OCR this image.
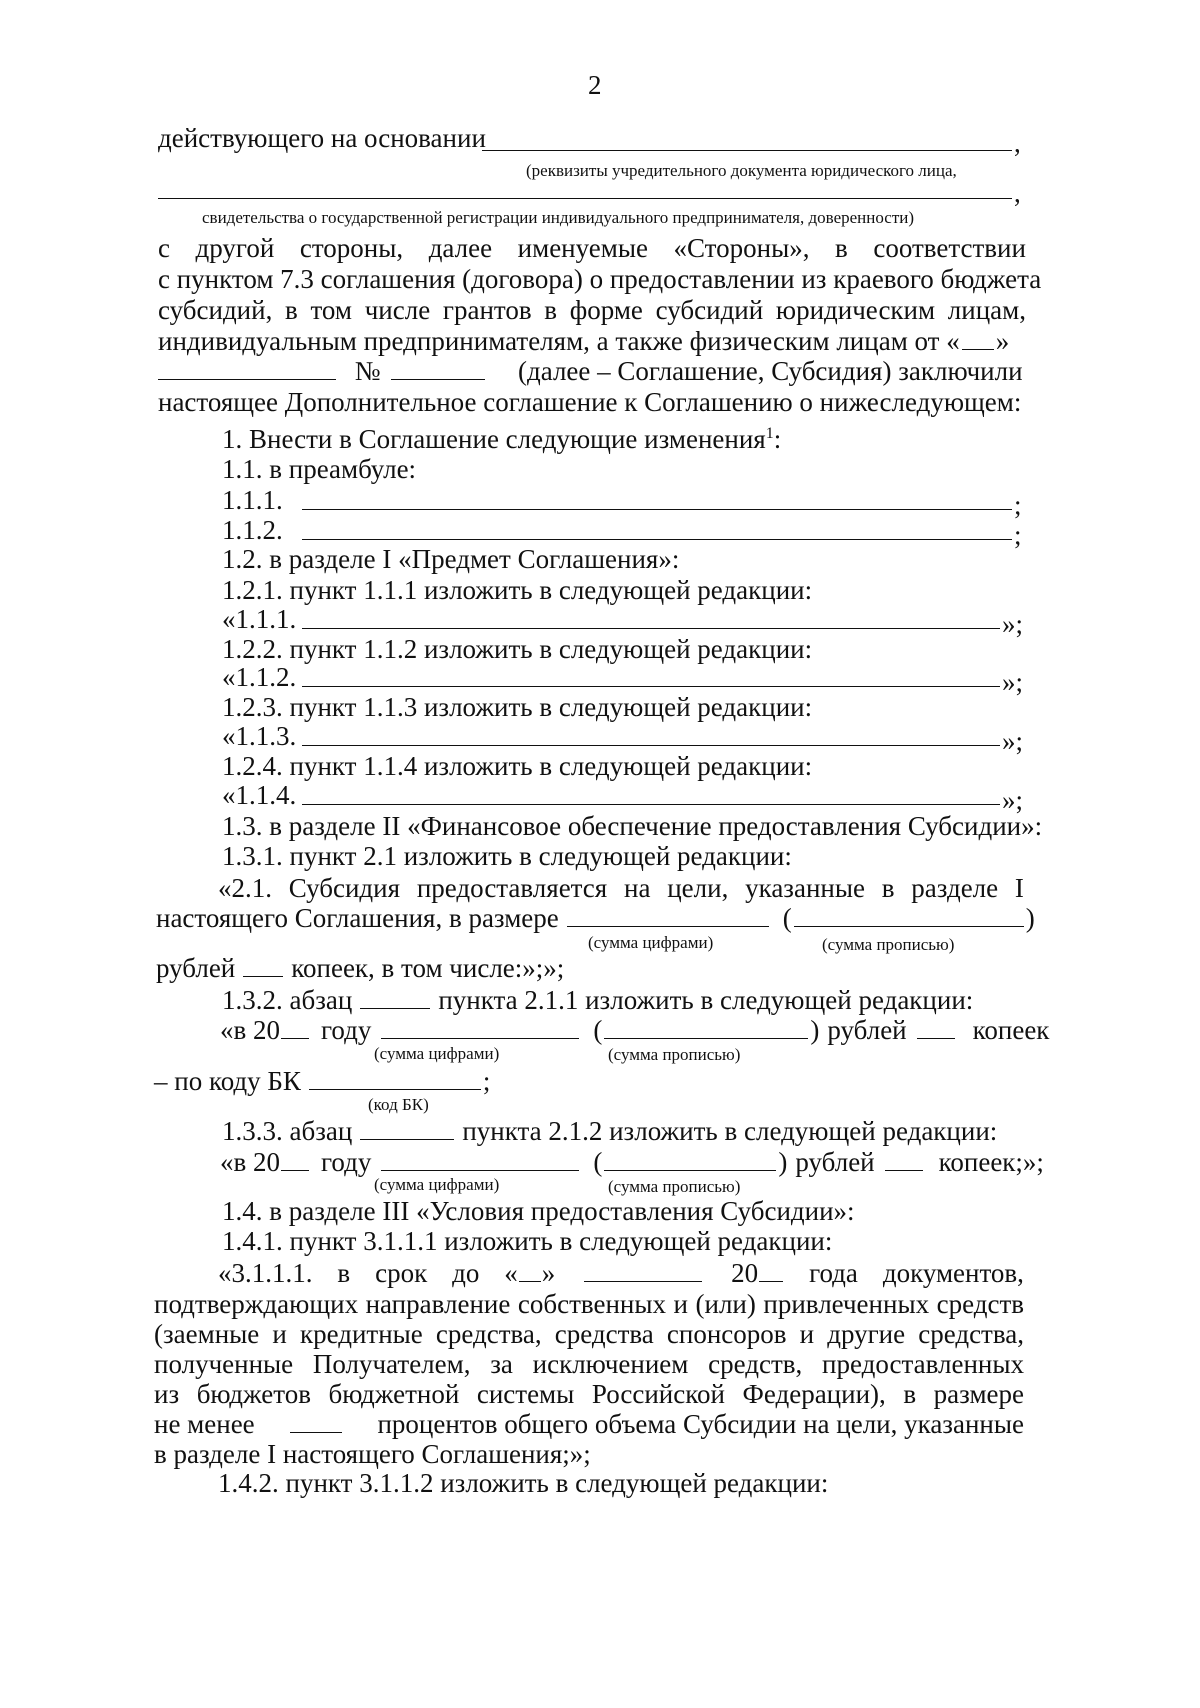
2
действующего на основании	,
(реквизиты учредительного документа юридического лица,
,
свидетельства о государственной регистрации индивидуального предпринимателя, доверенности)
с другой стороны, далее именуемые «Стороны», в соответствии
с пунктом 7.3 соглашения (договора) о предоставлении из краевого бюджета
субсидий, в том числе грантов в форме субсидий юридическим лицам,
индивидуальным предпринимателям, а также физическим лицам от « »
№	(далее – Соглашение, Субсидия) заключили
настоящее Дополнительное соглашение к Соглашению о нижеследующем:
1. Внести в Соглашение следующие изменения$^1$:
1.1. в преамбуле:
1.1.1.	;
1.1.2.	;
1.2. в разделе I «Предмет Соглашения»:
1.2.1. пункт 1.1.1 изложить в следующей редакции:
«1.1.1.	»;
1.2.2. пункт 1.1.2 изложить в следующей редакции:
«1.1.2.	»;
1.2.3. пункт 1.1.3 изложить в следующей редакции:
«1.1.3.	»;
1.2.4. пункт 1.1.4 изложить в следующей редакции:
«1.1.4.	»;
1.3. в разделе II «Финансовое обеспечение предоставления Субсидии»:
1.3.1. пункт 2.1 изложить в следующей редакции:
«2.1. Субсидия предоставляется на цели, указанные в разделе I
настоящего Соглашения, в размере	(	)
(сумма цифрами)	(сумма прописью)
рублей копеек, в том числе:»;»;
1.3.2. абзац	пункта 2.1.1 изложить в следующей редакции:
«в 20 году	(	) рублей копеек
(сумма цифрами)	(сумма прописью)
– по коду БК	;
(код БК)
1.3.3. абзац	пункта 2.1.2 изложить в следующей редакции:
«в 20 году	(	) рублей копеек;»;
(сумма цифрами)	(сумма прописью)
1.4. в разделе III «Условия предоставления Субсидии»:
1.4.1. пункт 3.1.1.1 изложить в следующей редакции:
«3.1.1.1. в срок до « »	20	года документов,
подтверждающих направление собственных и (или) привлеченных средств
(заемные и кредитные средства, средства спонсоров и другие средства,
полученные Получателем, за исключением средств, предоставленных
из бюджетов бюджетной системы Российской Федерации), в размере
не менее	процентов общего объема Субсидии на цели, указанные
в разделе I настоящего Соглашения;»;
1.4.2. пункт 3.1.1.2 изложить в следующей редакции:
